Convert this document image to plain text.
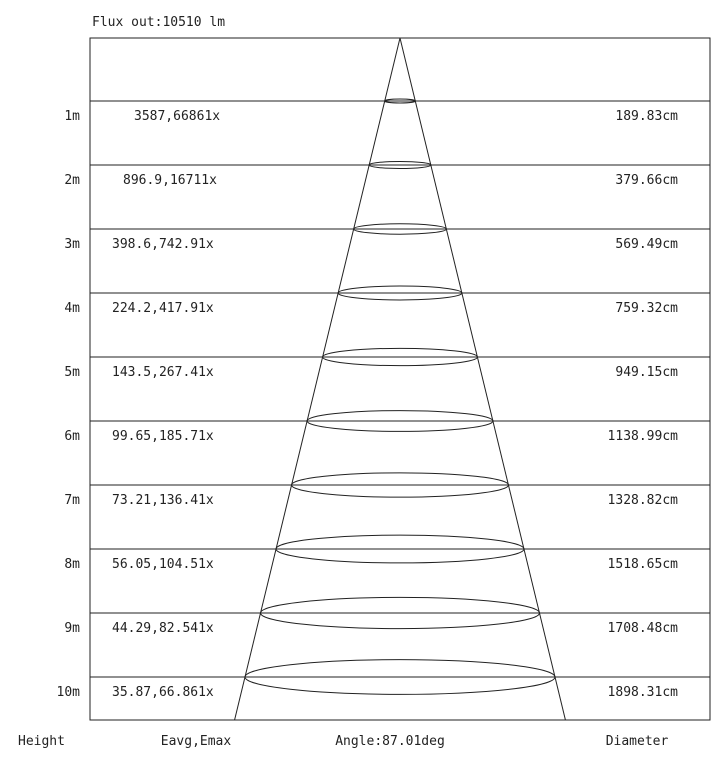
Flux out:10510 lm
1m	3587,66861x	189.83cm
2m	896.9,16711x	379.66cm
3m 398.6,742.91x	569.49cm
4m 224.2,417.91x	759.32cm
5m 143.5,267.41x	949.15cm
6m 99.65,185.71x	1138.99cm
7m 73.21,136.41x	1328.82cm
8m 56.05,104.51x	1518.65cm
9m 44.29,82.541x	1708.48cm
10m 35.87,66.861x	1898.31cm
Height	Eavg,Emax	Angle:87.01deg	Diameter
